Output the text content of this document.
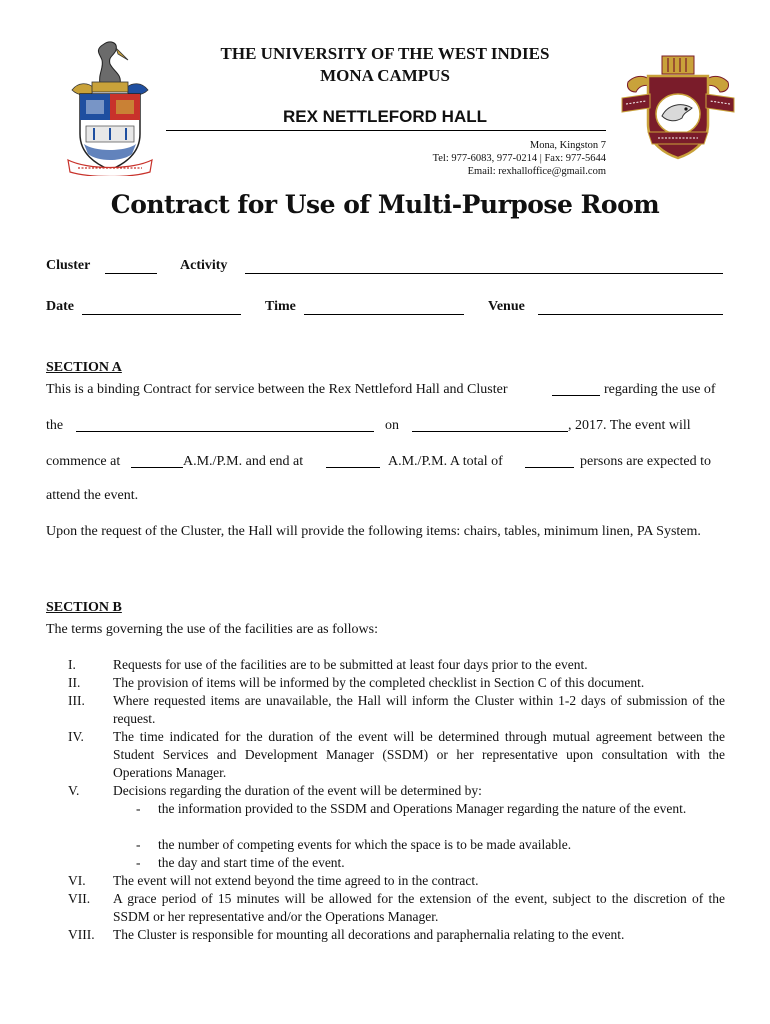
THE UNIVERSITY OF THE WEST INDIES
MONA CAMPUS
REX NETTLEFORD HALL
Mona, Kingston 7
Tel: 977-6083, 977-0214 | Fax: 977-5644
Email: rexhalloffice@gmail.com
Contract for Use of Multi-Purpose Room
Cluster	Activity
Date	Time	Venue
SECTION A
This is a binding Contract for service between the Rex Nettleford Hall and Cluster	regarding the use of
the	on	, 2017. The event will
commence at	A.M./P.M. and end at	A.M./P.M. A total of	persons are expected to
attend the event.
Upon the request of the Cluster, the Hall will provide the following items: chairs, tables, minimum linen, PA System.
SECTION B
The terms governing the use of the facilities are as follows:
I.	Requests for use of the facilities are to be submitted at least four days prior to the event.
II. The provision of items will be informed by the completed checklist in Section C of this document.
III. Where requested items are unavailable, the Hall will inform the Cluster within 1-2 days of submission of the request.
IV. The time indicated for the duration of the event will be determined through mutual agreement between the Student Services and Development Manager (SSDM) or her representative upon consultation with the Operations Manager.
V. Decisions regarding the duration of the event will be determined by:
- the information provided to the SSDM and Operations Manager regarding the nature of the event.
- the number of competing events for which the space is to be made available.
- the day and start time of the event.
VI. The event will not extend beyond the time agreed to in the contract.
VII. A grace period of 15 minutes will be allowed for the extension of the event, subject to the discretion of the SSDM or her representative and/or the Operations Manager.
VIII. The Cluster is responsible for mounting all decorations and paraphernalia relating to the event.
